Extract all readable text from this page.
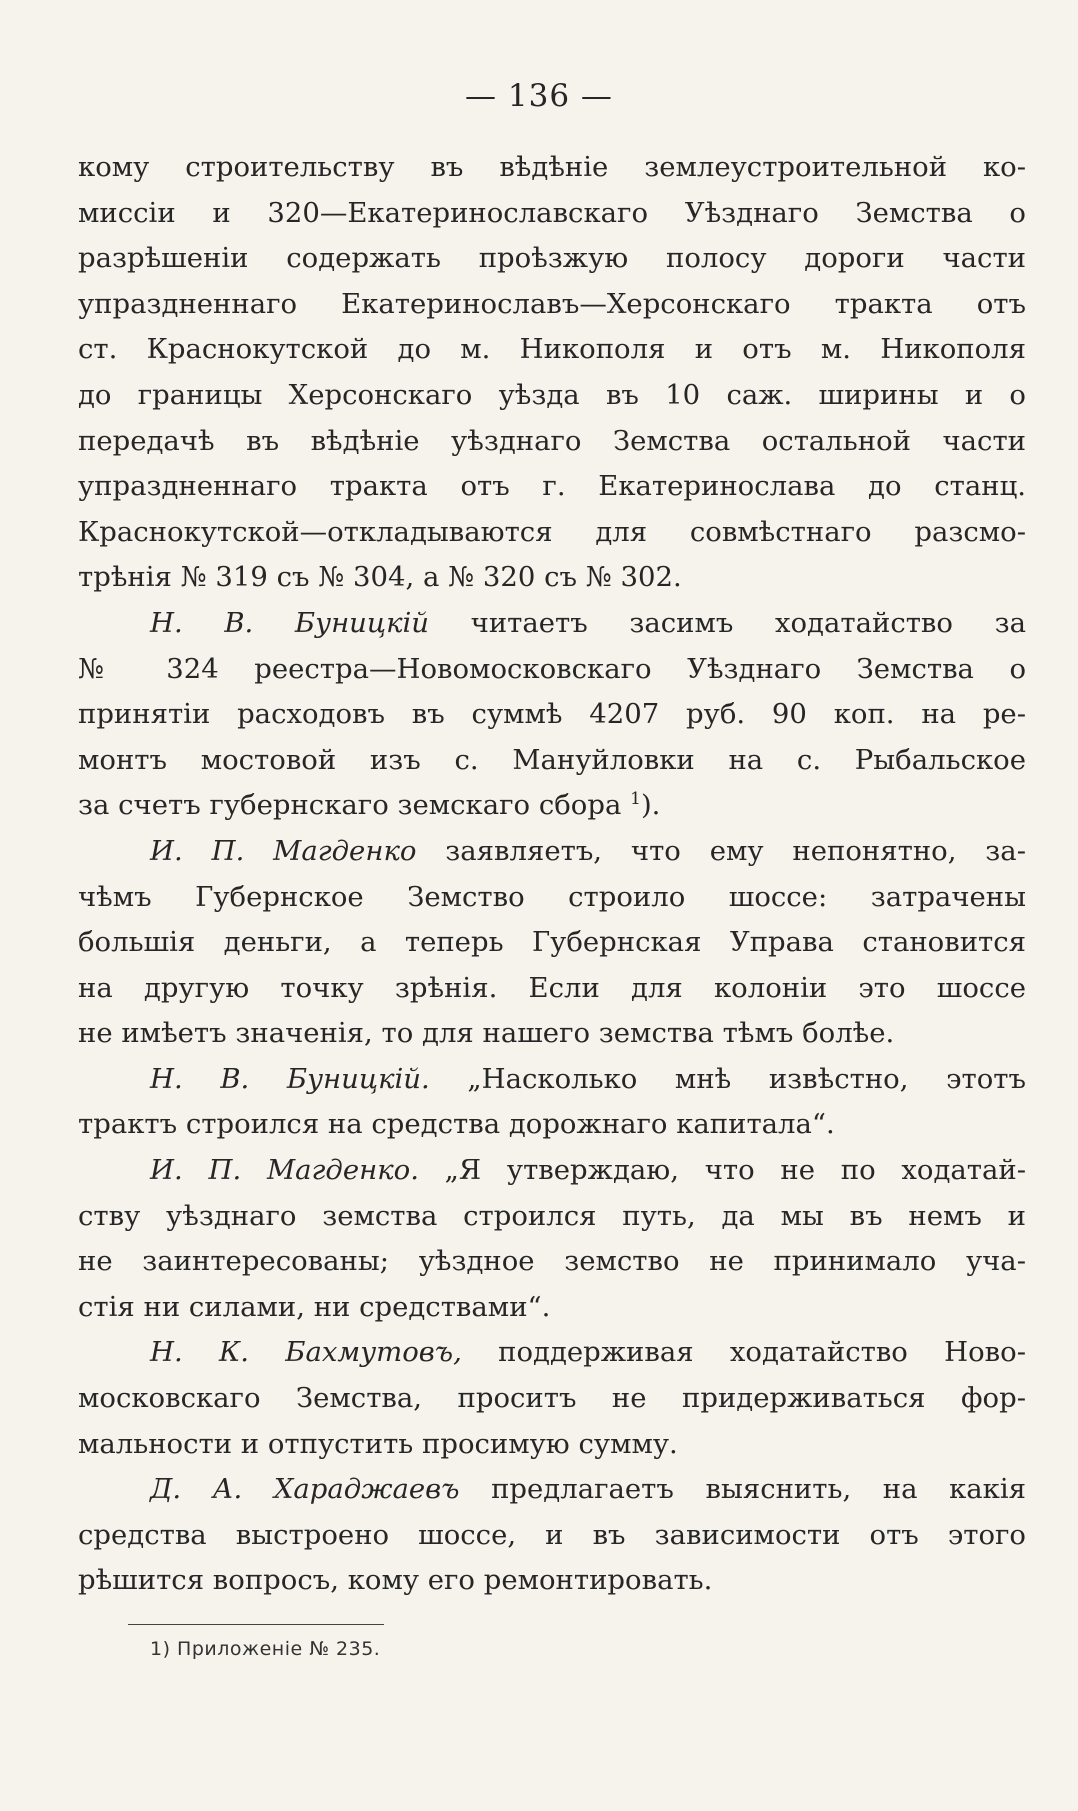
— 136 —
кому строительству въ вѣдѣніе землеустроительной ко-
миссіи и 320—Екатеринославскаго Уѣзднаго Земства о
разрѣшеніи содержать проѣзжую полосу дороги части
упраздненнаго Екатеринославъ—Херсонскаго тракта отъ
ст. Краснокутской до м. Никополя и отъ м. Никополя
до границы Херсонскаго уѣзда въ 10 саж. ширины и о
передачѣ въ вѣдѣніе уѣзднаго Земства остальной части
упраздненнаго тракта отъ г. Екатеринослава до станц.
Краснокутской—откладываются для совмѣстнаго разсмо-
трѣнія № 319 съ № 304, а № 320 съ № 302.
Н. В. Буницкій читаетъ засимъ ходатайство за
№ 324 реестра—Новомосковскаго Уѣзднаго Земства о
принятіи расходовъ въ суммѣ 4207 руб. 90 коп. на ре-
монтъ мостовой изъ с. Мануйловки на с. Рыбальское
за счетъ губернскаго земскаго сбора $^1$).
И. П. Магденко заявляетъ, что ему непонятно, за-
чѣмъ Губернское Земство строило шоссе: затрачены
большія деньги, а теперь Губернская Управа становится
на другую точку зрѣнія. Если для колоніи это шоссе
не имѣетъ значенія, то для нашего земства тѣмъ болѣе.
Н. В. Буницкій. „Насколько мнѣ извѣстно, этотъ
трактъ строился на средства дорожнаго капитала“.
И. П. Магденко. „Я утверждаю, что не по ходатай-
ству уѣзднаго земства строился путь, да мы въ немъ и
не заинтересованы; уѣздное земство не принимало уча-
стія ни силами, ни средствами“.
Н. К. Бахмутовъ, поддерживая ходатайство Ново-
московскаго Земства, проситъ не придерживаться фор-
мальности и отпустить просимую сумму.
Д. А. Хараджаевъ предлагаетъ выяснить, на какія
средства выстроено шоссе, и въ зависимости отъ этого
рѣшится вопросъ, кому его ремонтировать.
1) Приложеніе № 235.
